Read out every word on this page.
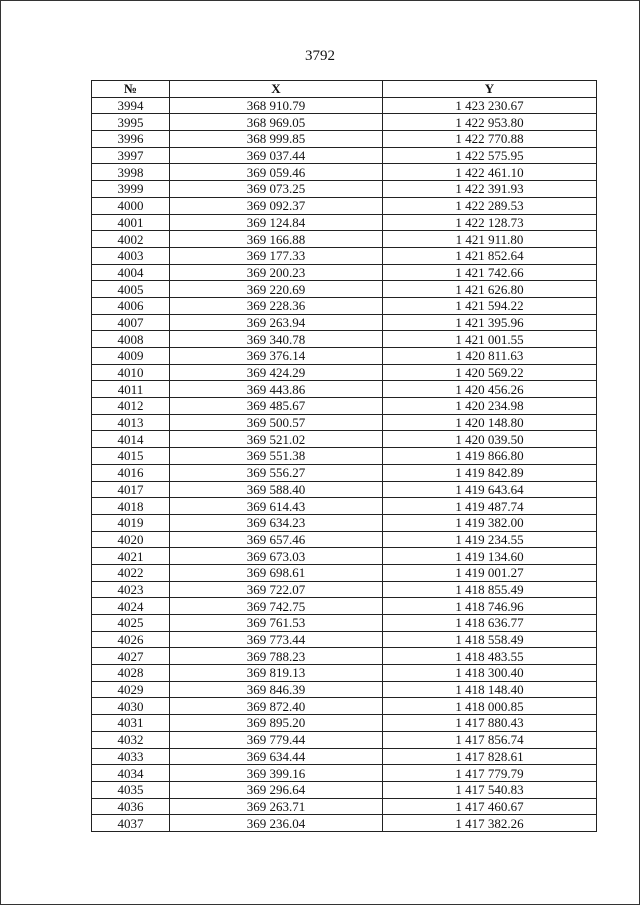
3792
№	X	Y
3994	368 910.79	1 423 230.67
3995	368 969.05	1 422 953.80
3996	368 999.85	1 422 770.88
3997	369 037.44	1 422 575.95
3998	369 059.46	1 422 461.10
3999	369 073.25	1 422 391.93
4000	369 092.37	1 422 289.53
4001	369 124.84	1 422 128.73
4002	369 166.88	1 421 911.80
4003	369 177.33	1 421 852.64
4004	369 200.23	1 421 742.66
4005	369 220.69	1 421 626.80
4006	369 228.36	1 421 594.22
4007	369 263.94	1 421 395.96
4008	369 340.78	1 421 001.55
4009	369 376.14	1 420 811.63
4010	369 424.29	1 420 569.22
4011	369 443.86	1 420 456.26
4012	369 485.67	1 420 234.98
4013	369 500.57	1 420 148.80
4014	369 521.02	1 420 039.50
4015	369 551.38	1 419 866.80
4016	369 556.27	1 419 842.89
4017	369 588.40	1 419 643.64
4018	369 614.43	1 419 487.74
4019	369 634.23	1 419 382.00
4020	369 657.46	1 419 234.55
4021	369 673.03	1 419 134.60
4022	369 698.61	1 419 001.27
4023	369 722.07	1 418 855.49
4024	369 742.75	1 418 746.96
4025	369 761.53	1 418 636.77
4026	369 773.44	1 418 558.49
4027	369 788.23	1 418 483.55
4028	369 819.13	1 418 300.40
4029	369 846.39	1 418 148.40
4030	369 872.40	1 418 000.85
4031	369 895.20	1 417 880.43
4032	369 779.44	1 417 856.74
4033	369 634.44	1 417 828.61
4034	369 399.16	1 417 779.79
4035	369 296.64	1 417 540.83
4036	369 263.71	1 417 460.67
4037	369 236.04	1 417 382.26
